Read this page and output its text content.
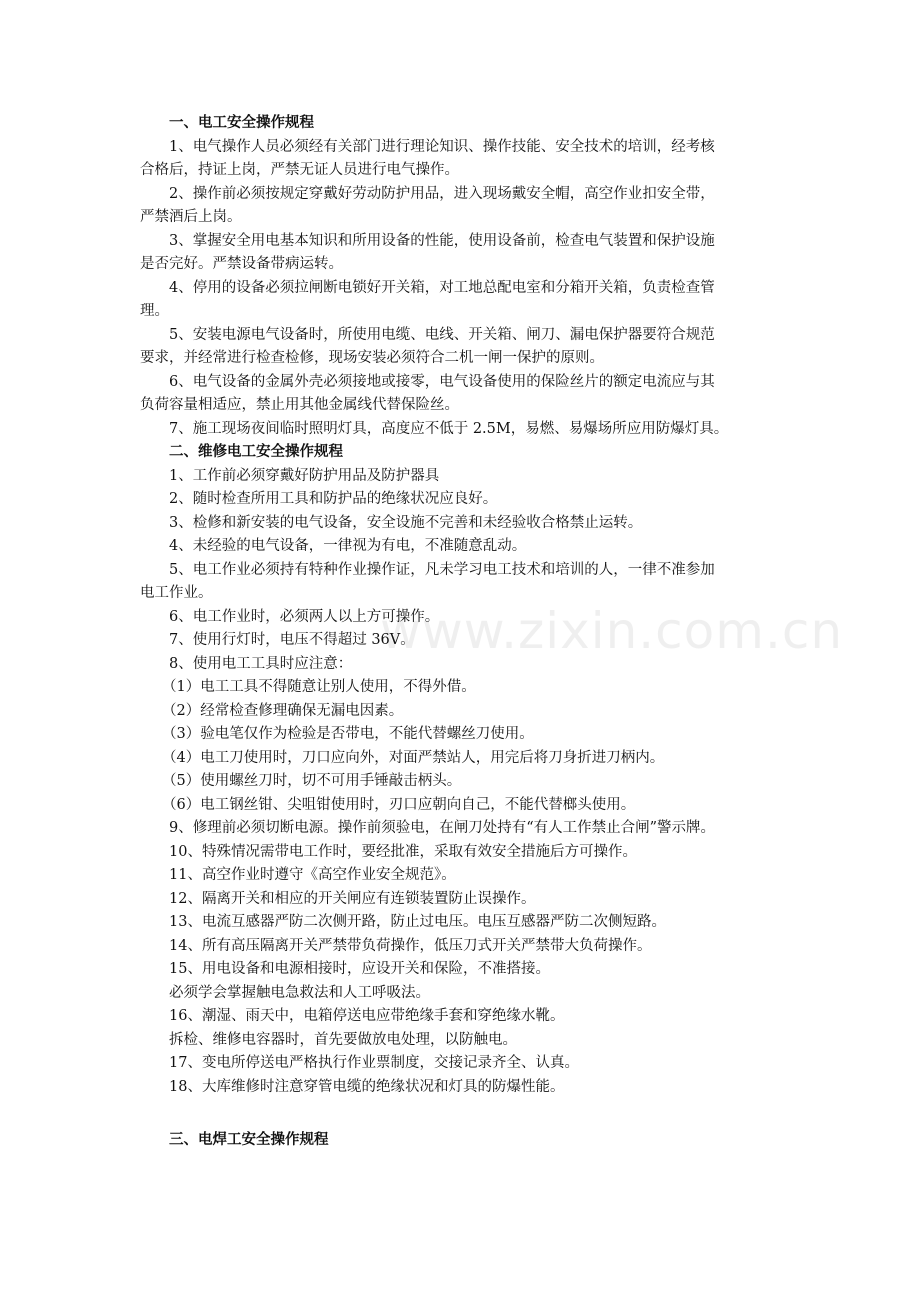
www.zixin.com.cn

一、电工安全操作规程

1、电气操作人员必须经有关部门进行理论知识、操作技能、安全技术的培训，经考核

合格后，持证上岗，严禁无证人员进行电气操作。

2、操作前必须按规定穿戴好劳动防护用品，进入现场戴安全帽，高空作业扣安全带，

严禁酒后上岗。

3、掌握安全用电基本知识和所用设备的性能，使用设备前，检查电气装置和保护设施

是否完好。严禁设备带病运转。

4、停用的设备必须拉闸断电锁好开关箱，对工地总配电室和分箱开关箱，负责检查管

理。

5、安装电源电气设备时，所使用电缆、电线、开关箱、闸刀、漏电保护器要符合规范

要求，并经常进行检查检修，现场安装必须符合二机一闸一保护的原则。

6、电气设备的金属外壳必须接地或接零，电气设备使用的保险丝片的额定电流应与其

负荷容量相适应，禁止用其他金属线代替保险丝。

7、施工现场夜间临时照明灯具，高度应不低于 2.5M，易燃、易爆场所应用防爆灯具。

二、维修电工安全操作规程

1、工作前必须穿戴好防护用品及防护器具

2、随时检查所用工具和防护品的绝缘状况应良好。

3、检修和新安装的电气设备，安全设施不完善和未经验收合格禁止运转。

4、未经验的电气设备，一律视为有电，不准随意乱动。

5、电工作业必须持有特种作业操作证，凡未学习电工技术和培训的人，一律不准参加

电工作业。

6、电工作业时，必须两人以上方可操作。

7、使用行灯时，电压不得超过 36V。

8、使用电工工具时应注意：

（1）电工工具不得随意让别人使用，不得外借。

（2）经常检查修理确保无漏电因素。

（3）验电笔仅作为检验是否带电，不能代替螺丝刀使用。

（4）电工刀使用时，刀口应向外，对面严禁站人，用完后将刀身折进刀柄内。

（5）使用螺丝刀时，切不可用手锤敲击柄头。

（6）电工钢丝钳、尖咀钳使用时，刃口应朝向自己，不能代替榔头使用。

9、修理前必须切断电源。操作前须验电，在闸刀处持有“有人工作禁止合闸”警示牌。

10、特殊情况需带电工作时，要经批准，采取有效安全措施后方可操作。

11、高空作业时遵守《高空作业安全规范》。

12、隔离开关和相应的开关闸应有连锁装置防止误操作。

13、电流互感器严防二次侧开路，防止过电压。电压互感器严防二次侧短路。

14、所有高压隔离开关严禁带负荷操作，低压刀式开关严禁带大负荷操作。

15、用电设备和电源相接时，应设开关和保险，不准搭接。

必须学会掌握触电急救法和人工呼吸法。

16、潮湿、雨天中，电箱停送电应带绝缘手套和穿绝缘水靴。

拆检、维修电容器时，首先要做放电处理，以防触电。

17、变电所停送电严格执行作业票制度，交接记录齐全、认真。

18、大库维修时注意穿管电缆的绝缘状况和灯具的防爆性能。

三、电焊工安全操作规程
